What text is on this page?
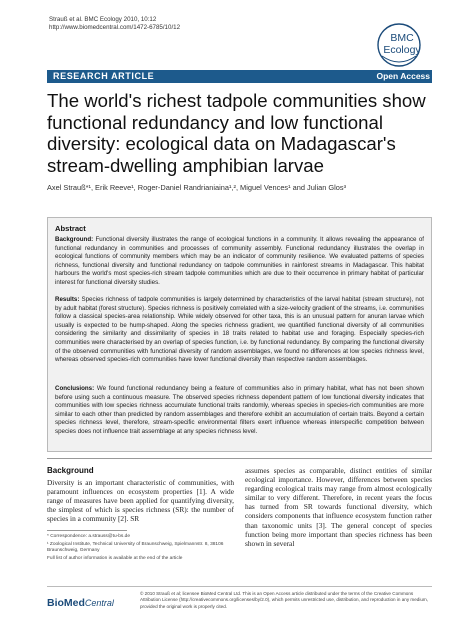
Strauß et al. BMC Ecology 2010, 10:12
http://www.biomedcentral.com/1472-6785/10/12
BMC
Ecology
RESEARCH ARTICLE	Open Access
The world's richest tadpole communities show functional redundancy and low functional diversity: ecological data on Madagascar's stream-dwelling amphibian larvae
Axel Strauß*¹, Erik Reeve¹, Roger-Daniel Randrianiaina¹,², Miguel Vences¹ and Julian Glos³
Abstract
Background: Functional diversity illustrates the range of ecological functions in a community. It allows revealing the appearance of functional redundancy in communities and processes of community assembly. Functional redundancy illustrates the overlap in ecological functions of community members which may be an indicator of community resilience. We evaluated patterns of species richness, functional diversity and functional redundancy on tadpole communities in rainforest streams in Madagascar. This habitat harbours the world's most species-rich stream tadpole communities which are due to their occurrence in primary habitat of particular interest for functional diversity studies.
Results: Species richness of tadpole communities is largely determined by characteristics of the larval habitat (stream structure), not by adult habitat (forest structure). Species richness is positively correlated with a size-velocity gradient of the streams, i.e. communities follow a classical species-area relationship. While widely observed for other taxa, this is an unusual pattern for anuran larvae which usually is expected to be hump-shaped. Along the species richness gradient, we quantified functional diversity of all communities considering the similarity and dissimilarity of species in 18 traits related to habitat use and foraging. Especially species-rich communities were characterised by an overlap of species function, i.e. by functional redundancy. By comparing the functional diversity of the observed communities with functional diversity of random assemblages, we found no differences at low species richness level, whereas observed species-rich communities have lower functional diversity than respective random assemblages.
Conclusions: We found functional redundancy being a feature of communities also in primary habitat, what has not been shown before using such a continuous measure. The observed species richness dependent pattern of low functional diversity indicates that communities with low species richness accumulate functional traits randomly, whereas species in species-rich communities are more similar to each other than predicted by random assemblages and therefore exhibit an accumulation of certain traits. Beyond a certain species richness level, therefore, stream-specific environmental filters exert influence whereas interspecific competition between species does not influence trait assemblage at any species richness level.
Background
Diversity is an important characteristic of communities, with paramount influences on ecosystem properties [1]. A wide range of measures have been applied for quantifying diversity, the simplest of which is species richness (SR): the number of species in a community [2]. SR
assumes species as comparable, distinct entities of similar ecological importance. However, differences between species regarding ecological traits may range from almost ecologically similar to very different. Therefore, in recent years the focus has turned from SR towards functional diversity, which considers components that influence ecosystem function rather than taxonomic units [3]. The general concept of species function being more important than species richness has been shown in several
* Correspondence: a.strauss@tu-bs.de
¹ Zoological Institute, Technical University of Braunschweig, Spielmannstr. 8, 38106 Braunschweig, Germany
Full list of author information is available at the end of the article
BioMedCentral
© 2010 Strauß et al; licensee BioMed Central Ltd. This is an Open Access article distributed under the terms of the Creative Commons Attribution License (http://creativecommons.org/licenses/by/2.0), which permits unrestricted use, distribution, and reproduction in any medium, provided the original work is properly cited.
